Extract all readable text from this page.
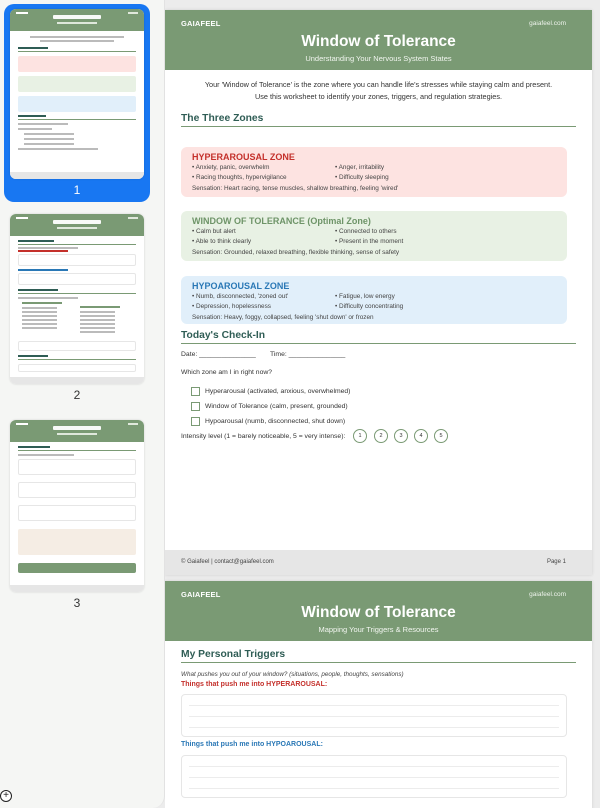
1
2
3
+
GAIAFEEL	gaiafeel.com
Window of Tolerance
Understanding Your Nervous System States
Your 'Window of Tolerance' is the zone where you can handle life's stresses while staying calm and present.
Use this worksheet to identify your zones, triggers, and regulation strategies.
The Three Zones
HYPERAROUSAL ZONE
• Anxiety, panic, overwhelm	• Anger, irritability
• Racing thoughts, hypervigilance	• Difficulty sleeping
Sensation: Heart racing, tense muscles, shallow breathing, feeling 'wired'
WINDOW OF TOLERANCE (Optimal Zone)
• Calm but alert	• Connected to others
• Able to think clearly	• Present in the moment
Sensation: Grounded, relaxed breathing, flexible thinking, sense of safety
HYPOAROUSAL ZONE
• Numb, disconnected, 'zoned out'	• Fatigue, low energy
• Depression, hopelessness	• Difficulty concentrating
Sensation: Heavy, foggy, collapsed, feeling 'shut down' or frozen
Today's Check-In
Date: _______________ Time: _______________
Which zone am I in right now?
Hyperarousal (activated, anxious, overwhelmed)
Window of Tolerance (calm, present, grounded)
Hypoarousal (numb, disconnected, shut down)
Intensity level (1 = barely noticeable, 5 = very intense):	1	2	3	4	5
© Gaiafeel | contact@gaiafeel.com	Page 1
GAIAFEEL	gaiafeel.com
Window of Tolerance
Mapping Your Triggers & Resources
My Personal Triggers
What pushes you out of your window? (situations, people, thoughts, sensations)
Things that push me into HYPERAROUSAL:
Things that push me into HYPOAROUSAL:
